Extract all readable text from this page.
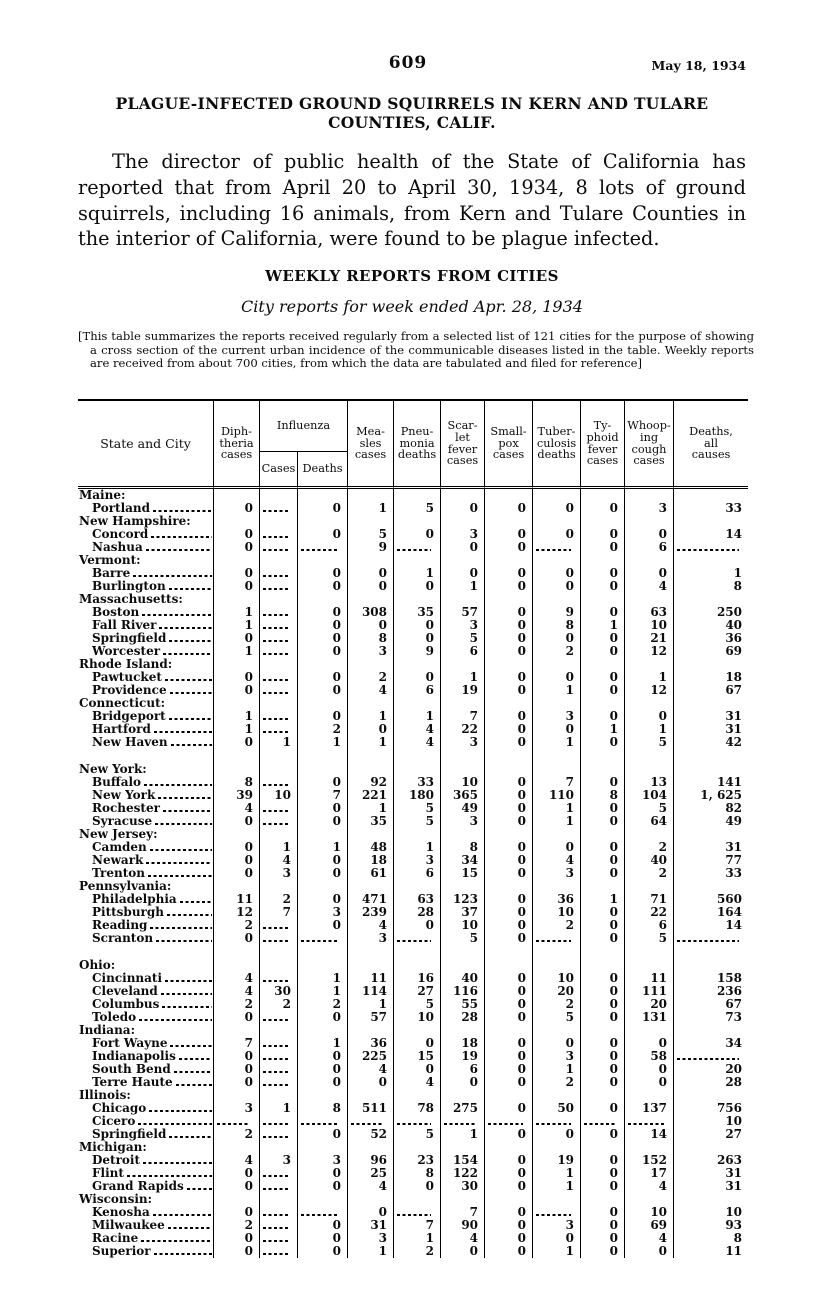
609	May 18, 1934
PLAGUE-INFECTED GROUND SQUIRRELS IN KERN AND TULARE
COUNTIES, CALIF.
The director of public health of the State of California has reported that from April 20 to April 30, 1934, 8 lots of ground squirrels, including 16 animals, from Kern and Tulare Counties in the interior of California, were found to be plague infected.
WEEKLY REPORTS FROM CITIES
City reports for week ended Apr. 28, 1934
[This table summarizes the reports received regularly from a selected list of 121 cities for the purpose of showing a cross section of the current urban incidence of the communicable diseases listed in the table. Weekly reports are received from about 700 cities, from which the data are tabulated and filed for reference]
State and City	Diph-
theria
cases	Influenza		Mea-
sles
cases	Pneu-
monia
deaths	Scar-
let
fever
cases	Small-
pox
cases	Tuber-
culosis
deaths	Ty-
phoid
fever
cases	Whoop-
ing
cough
cases	Deaths,
all
causes
		Cases	Deaths								

Maine:											

Portland	0		0	1	5	0	0	0	0	3	33

New Hampshire:											

Concord	0		0	5	0	3	0	0	0	0	14

Nashua	0			9		0	0		0	6	

Vermont:											

Barre	0		0	0	1	0	0	0	0	0	1

Burlington	0		0	0	0	1	0	0	0	4	8

Massachusetts:											

Boston	1		0	308	35	57	0	9	0	63	250

Fall River	1		0	0	0	3	0	8	1	10	40

Springfield	0		0	8	0	5	0	0	0	21	36

Worcester	1		0	3	9	6	0	2	0	12	69

Rhode Island:											

Pawtucket	0		0	2	0	1	0	0	0	1	18

Providence	0		0	4	6	19	0	1	0	12	67

Connecticut:											

Bridgeport	1		0	1	1	7	0	3	0	0	31

Hartford	1		2	0	4	22	0	0	1	1	31

New Haven	0	1	1	1	4	3	0	1	0	5	42

New York:											

Buffalo	8		0	92	33	10	0	7	0	13	141

New York	39	10	7	221	180	365	0	110	8	104	1, 625

Rochester	4		0	1	5	49	0	1	0	5	82

Syracuse	0		0	35	5	3	0	1	0	64	49

New Jersey:											

Camden	0	1	1	48	1	8	0	0	0	2	31

Newark	0	4	0	18	3	34	0	4	0	40	77

Trenton	0	3	0	61	6	15	0	3	0	2	33

Pennsylvania:											

Philadelphia	11	2	0	471	63	123	0	36	1	71	560

Pittsburgh	12	7	3	239	28	37	0	10	0	22	164

Reading	2		0	4	0	10	0	2	0	6	14

Scranton	0			3		5	0		0	5	

Ohio:											

Cincinnati	4		1	11	16	40	0	10	0	11	158

Cleveland	4	30	1	114	27	116	0	20	0	111	236

Columbus	2	2	2	1	5	55	0	2	0	20	67

Toledo	0		0	57	10	28	0	5	0	131	73

Indiana:											

Fort Wayne	7		1	36	0	18	0	0	0	0	34

Indianapolis	0		0	225	15	19	0	3	0	58	

South Bend	0		0	4	0	6	0	1	0	0	20

Terre Haute	0		0	0	4	0	0	2	0	0	28

Illinois:											

Chicago	3	1	8	511	78	275	0	50	0	137	756

Cicero											10

Springfield	2		0	52	5	1	0	0	0	14	27

Michigan:											

Detroit	4	3	3	96	23	154	0	19	0	152	263

Flint	0		0	25	8	122	0	1	0	17	31

Grand Rapids	0		0	4	0	30	0	1	0	4	31

Wisconsin:											

Kenosha	0			0		7	0		0	10	10

Milwaukee	2		0	31	7	90	0	3	0	69	93

Racine	0		0	3	1	4	0	0	0	4	8

Superior	0		0	1	2	0	0	1	0	0	11
